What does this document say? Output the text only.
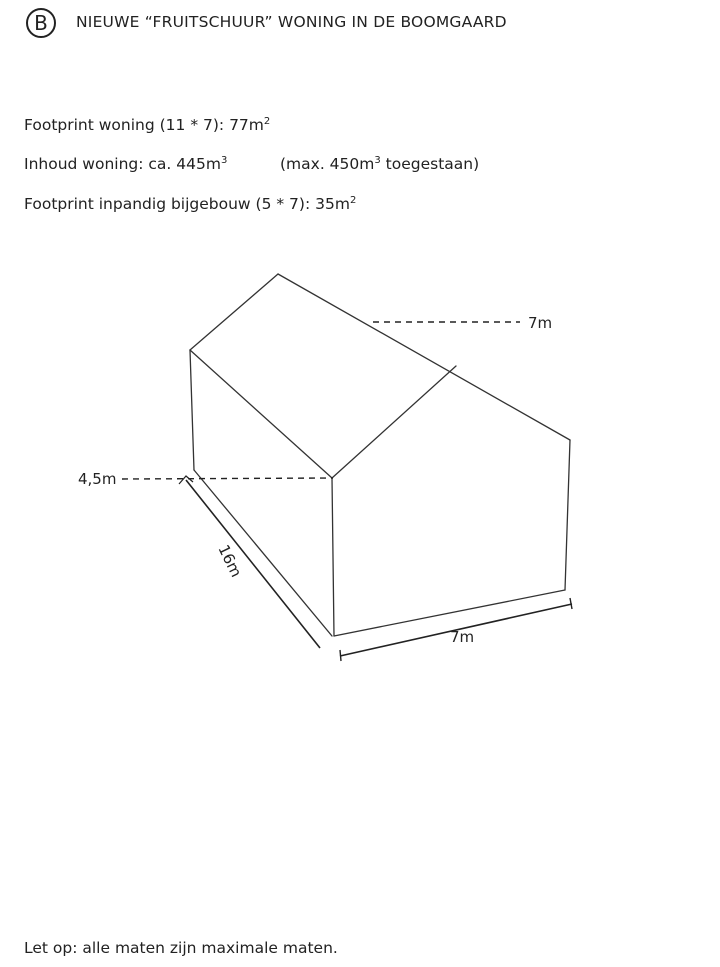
B	NIEUWE “FRUITSCHUUR” WONING IN DE BOOMGAARD
Footprint woning (11 * 7): $77m^2$
Inhoud woning: ca. $445m^3$	(max. $450m^3$ toegestaan)
Footprint inpandig bijgebouw (5 * 7): $35m^2$
7m
4,5m
16m
7m
Let op: alle maten zijn maximale maten.
